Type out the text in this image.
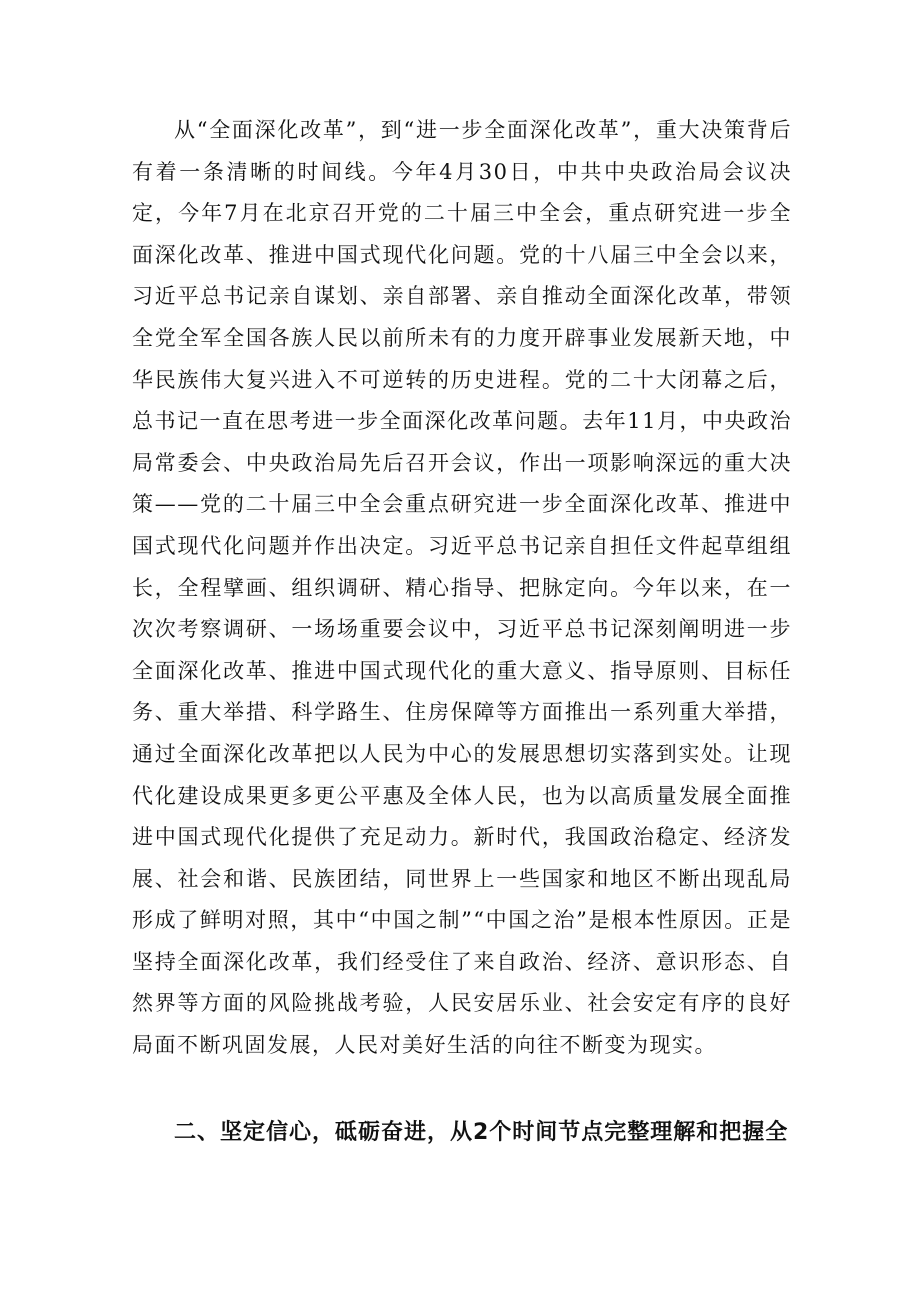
从“全面深化改革”，到“进一步全面深化改革”，重大决策背后有着一条清晰的时间线。今年4月30日，中共中央政治局会议决定，今年7月在北京召开党的二十届三中全会，重点研究进一步全面深化改革、推进中国式现代化问题。党的十八届三中全会以来，习近平总书记亲自谋划、亲自部署、亲自推动全面深化改革，带领全党全军全国各族人民以前所未有的力度开辟事业发展新天地，中华民族伟大复兴进入不可逆转的历史进程。党的二十大闭幕之后，总书记一直在思考进一步全面深化改革问题。去年11月，中央政治局常委会、中央政治局先后召开会议，作出一项影响深远的重大决策——党的二十届三中全会重点研究进一步全面深化改革、推进中国式现代化问题并作出决定。习近平总书记亲自担任文件起草组组长，全程擘画、组织调研、精心指导、把脉定向。今年以来，在一次次考察调研、一场场重要会议中，习近平总书记深刻阐明进一步全面深化改革、推进中国式现代化的重大意义、指导原则、目标任务、重大举措、科学路生、住房保障等方面推出一系列重大举措，通过全面深化改革把以人民为中心的发展思想切实落到实处。让现代化建设成果更多更公平惠及全体人民，也为以高质量发展全面推进中国式现代化提供了充足动力。新时代，我国政治稳定、经济发展、社会和谐、民族团结，同世界上一些国家和地区不断出现乱局形成了鲜明对照，其中“中国之制”“中国之治”是根本性原因。正是坚持全面深化改革，我们经受住了来自政治、经济、意识形态、自然界等方面的风险挑战考验，人民安居乐业、社会安定有序的良好局面不断巩固发展，人民对美好生活的向往不断变为现实。

二、坚定信心，砥砺奋进，从2个时间节点完整理解和把握全
